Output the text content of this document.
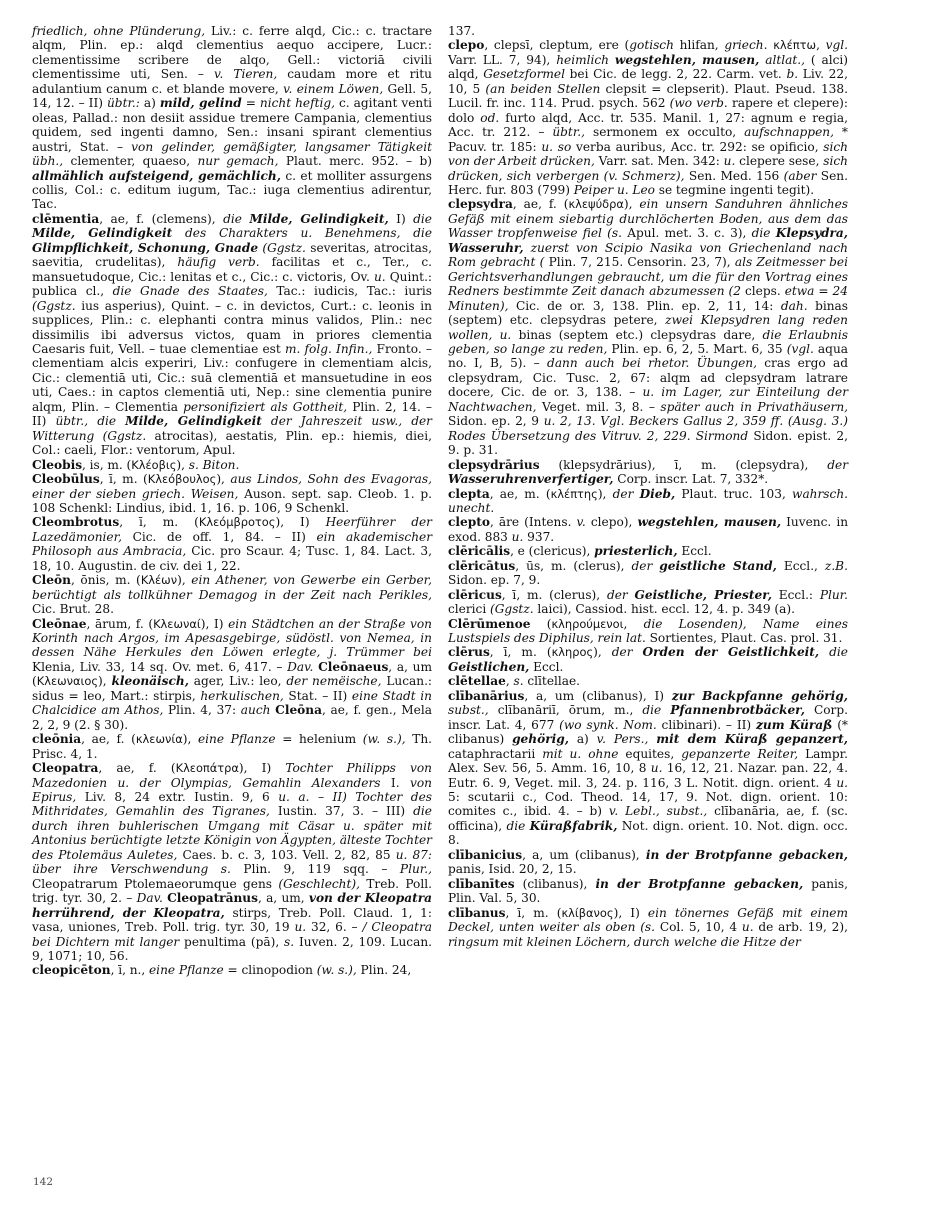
friedlich, ohne Plünderung, Liv.: c. ferre alqd, Cic.: c. tractare alqm, Plin. ep.: alqd clementius aequo accipere, Lucr.: clementissime scribere de alqo, Gell.: victoriā civili clementissime uti, Sen. – v. Tieren, caudam more et ritu adulantium canum c. et blande movere, v. einem Löwen, Gell. 5, 14, 12. – II) übtr.: a) mild, gelind = nicht heftig, c. agitant venti oleas, Pallad.: non desiit assidue tremere Campania, clementius quidem, sed ingenti damno, Sen.: insani spirant clementius austri, Stat. – von gelinder, gemäßigter, langsamer Tätigkeit übh., clementer, quaeso, nur gemach, Plaut. merc. 952. – b) allmählich aufsteigend, gemächlich, c. et molliter assurgens collis, Col.: c. editum iugum, Tac.: iuga clementius adirentur, Tac.

clēmentia, ae, f. (clemens), die Milde, Gelindigkeit, I) die Milde, Gelindigkeit des Charakters u. Benehmens, die Glimpflichkeit, Schonung, Gnade (Ggstz. severitas, atrocitas, saevitia, crudelitas), häufig verb. facilitas et c., Ter., c. mansuetudoque, Cic.: lenitas et c., Cic.: c. victoris, Ov. u. Quint.: publica cl., die Gnade des Staates, Tac.: iudicis, Tac.: iuris (Ggstz. ius asperius), Quint. – c. in devictos, Curt.: c. leonis in supplices, Plin.: c. elephanti contra minus validos, Plin.: nec dissimilis ibi adversus victos, quam in priores clementia Caesaris fuit, Vell. – tuae clementiae est m. folg. Infin., Fronto. – clementiam alcis experiri, Liv.: confugere in clementiam alcis, Cic.: clementiā uti, Cic.: suā clementiā et mansuetudine in eos uti, Caes.: in captos clementiā uti, Nep.: sine clementia punire alqm, Plin. – Clementia personifiziert als Gottheit, Plin. 2, 14. – II) übtr., die Milde, Gelindigkeit der Jahreszeit usw., der Witterung (Ggstz. atrocitas), aestatis, Plin. ep.: hiemis, diei, Col.: caeli, Flor.: ventorum, Apul.

Cleobis, is, m. (Κλέοβις), s. Biton.

Cleobūlus, ī, m. (Κλεόβουλος), aus Lindos, Sohn des Evagoras, einer der sieben griech. Weisen, Auson. sept. sap. Cleob. 1. p. 108 Schenkl: Lindius, ibid. 1, 16. p. 106, 9 Schenkl.

Cleombrotus, ī, m. (Κλεόμβροτος), I) Heerführer der Lazedämonier, Cic. de off. 1, 84. – II) ein akademischer Philosoph aus Ambracia, Cic. pro Scaur. 4; Tusc. 1, 84. Lact. 3, 18, 10. Augustin. de civ. dei 1, 22.

Cleōn, ōnis, m. (Κλέων), ein Athener, von Gewerbe ein Gerber, berüchtigt als tollkühner Demagog in der Zeit nach Perikles, Cic. Brut. 28.

Cleōnae, ārum, f. (Κλεωναί), I) ein Städtchen an der Straße von Korinth nach Argos, im Apesasgebirge, südöstl. von Nemea, in dessen Nähe Herkules den Löwen erlegte, j. Trümmer bei Klenia, Liv. 33, 14 sq. Ov. met. 6, 417. – Dav. Cleōnaeus, a, um (Κλεωναιος), kleonäisch, ager, Liv.: leo, der nemëische, Lucan.: sidus = leo, Mart.: stirpis, herkulischen, Stat. – II) eine Stadt in Chalcidice am Athos, Plin. 4, 37: auch Cleōna, ae, f. gen., Mela 2, 2, 9 (2. § 30).

cleōnia, ae, f. (κλεωνία), eine Pflanze = helenium (w. s.), Th. Prisc. 4, 1.

Cleopatra, ae, f. (Κλεοπάτρα), I) Tochter Philipps von Mazedonien u. der Olympias, Gemahlin Alexanders I. von Epirus, Liv. 8, 24 extr. Iustin. 9, 6 u. a. – II) Tochter des Mithridates, Gemahlin des Tigranes, Iustin. 37, 3. – III) die durch ihren buhlerischen Umgang mit Cäsar u. später mit Antonius berüchtigte letzte Königin von Ägypten, älteste Tochter des Ptolemäus Auletes, Caes. b. c. 3, 103. Vell. 2, 82, 85 u. 87: über ihre Verschwendung s. Plin. 9, 119 sqq. – Plur., Cleopatrarum Ptolemaeorumque gens (Geschlecht), Treb. Poll. trig. tyr. 30, 2. – Dav. Cleopatrānus, a, um, von der Kleopatra herrührend, der Kleopatra, stirps, Treb. Poll. Claud. 1, 1: vasa, uniones, Treb. Poll. trig. tyr. 30, 19 u. 32, 6. – / Cleopatra bei Dichtern mit langer penultima (pā), s. Iuven. 2, 109. Lucan. 9, 1071; 10, 56.

cleopicēton, ī, n., eine Pflanze = clinopodion (w. s.), Plin. 24,

137.

clepo, clepsī, cleptum, ere (gotisch hlifan, griech. κλέπτω, vgl. Varr. LL. 7, 94), heimlich wegstehlen, mausen, altlat., ( alci) alqd, Gesetzformel bei Cic. de legg. 2, 22. Carm. vet. b. Liv. 22, 10, 5 (an beiden Stellen clepsit = clepserit). Plaut. Pseud. 138. Lucil. fr. inc. 114. Prud. psych. 562 (wo verb. rapere et clepere): dolo od. furto alqd, Acc. tr. 535. Manil. 1, 27: agnum e regia, Acc. tr. 212. – übtr., sermonem ex occulto, aufschnappen, * Pacuv. tr. 185: u. so verba auribus, Acc. tr. 292: se opificio, sich von der Arbeit drücken, Varr. sat. Men. 342: u. clepere sese, sich drücken, sich verbergen (v. Schmerz), Sen. Med. 156 (aber Sen. Herc. fur. 803 (799) Peiper u. Leo se tegmine ingenti tegit).

clepsydra, ae, f. (κλεψύδρα), ein unsern Sanduhren ähnliches Gefäß mit einem siebartig durchlöcherten Boden, aus dem das Wasser tropfenweise fiel (s. Apul. met. 3. c. 3), die Klepsydra, Wasseruhr, zuerst von Scipio Nasika von Griechenland nach Rom gebracht ( Plin. 7, 215. Censorin. 23, 7), als Zeitmesser bei Gerichtsverhandlungen gebraucht, um die für den Vortrag eines Redners bestimmte Zeit danach abzumessen (2 cleps. etwa = 24 Minuten), Cic. de or. 3, 138. Plin. ep. 2, 11, 14: dah. binas (septem) etc. clepsydras petere, zwei Klepsydren lang reden wollen, u. binas (septem etc.) clepsydras dare, die Erlaubnis geben, so lange zu reden, Plin. ep. 6, 2, 5. Mart. 6, 35 (vgl. aqua no. I, B, 5). – dann auch bei rhetor. Übungen, cras ergo ad clepsydram, Cic. Tusc. 2, 67: alqm ad clepsydram latrare docere, Cic. de or. 3, 138. – u. im Lager, zur Einteilung der Nachtwachen, Veget. mil. 3, 8. – später auch in Privathäusern, Sidon. ep. 2, 9 u. 2, 13. Vgl. Beckers Gallus 2, 359 ff. (Ausg. 3.) Rodes Übersetzung des Vitruv. 2, 229. Sirmond Sidon. epist. 2, 9. p. 31.

clepsydrārius (klepsydrārius), ī, m. (clepsydra), der Wasseruhrenverfertiger, Corp. inscr. Lat. 7, 332*.

clepta, ae, m. (κλέπτης), der Dieb, Plaut. truc. 103, wahrsch. unecht.

clepto, āre (Intens. v. clepo), wegstehlen, mausen, Iuvenc. in exod. 883 u. 937.

clēricālis, e (clericus), priesterlich, Eccl.

clēricātus, ūs, m. (clerus), der geistliche Stand, Eccl., z.B. Sidon. ep. 7, 9.

clēricus, ī, m. (clerus), der Geistliche, Priester, Eccl.: Plur. clerici (Ggstz. laici), Cassiod. hist. eccl. 12, 4. p. 349 (a).

Clērūmenoe (κληρούμενοι, die Losenden), Name eines Lustspiels des Diphilus, rein lat. Sortientes, Plaut. Cas. prol. 31.

clērus, ī, m. (κληρος), der Orden der Geistlichkeit, die Geistlichen, Eccl.

clētellae, s. clītellae.

clībanārius, a, um (clibanus), I) zur Backpfanne gehörig, subst., clībanāriī, ōrum, m., die Pfannenbrotbäcker, Corp. inscr. Lat. 4, 677 (wo synk. Nom. clibinari). – II) zum Küraß (* clibanus) gehörig, a) v. Pers., mit dem Küraß gepanzert, cataphractarii mit u. ohne equites, gepanzerte Reiter, Lampr. Alex. Sev. 56, 5. Amm. 16, 10, 8 u. 16, 12, 21. Nazar. pan. 22, 4. Eutr. 6. 9, Veget. mil. 3, 24. p. 116, 3 L. Notit. dign. orient. 4 u. 5: scutarii c., Cod. Theod. 14, 17, 9. Not. dign. orient. 10: comites c., ibid. 4. – b) v. Lebl., subst., clībanāria, ae, f. (sc. officina), die Küraßfabrik, Not. dign. orient. 10. Not. dign. occ. 8.

clībanicius, a, um (clibanus), in der Brotpfanne gebacken, panis, Isid. 20, 2, 15.

clībanītes (clibanus), in der Brotpfanne gebacken, panis, Plin. Val. 5, 30.

clībanus, ī, m. (κλίβανος), I) ein tönernes Gefäß mit einem Deckel, unten weiter als oben (s. Col. 5, 10, 4 u. de arb. 19, 2), ringsum mit kleinen Löchern, durch welche die Hitze der

142
